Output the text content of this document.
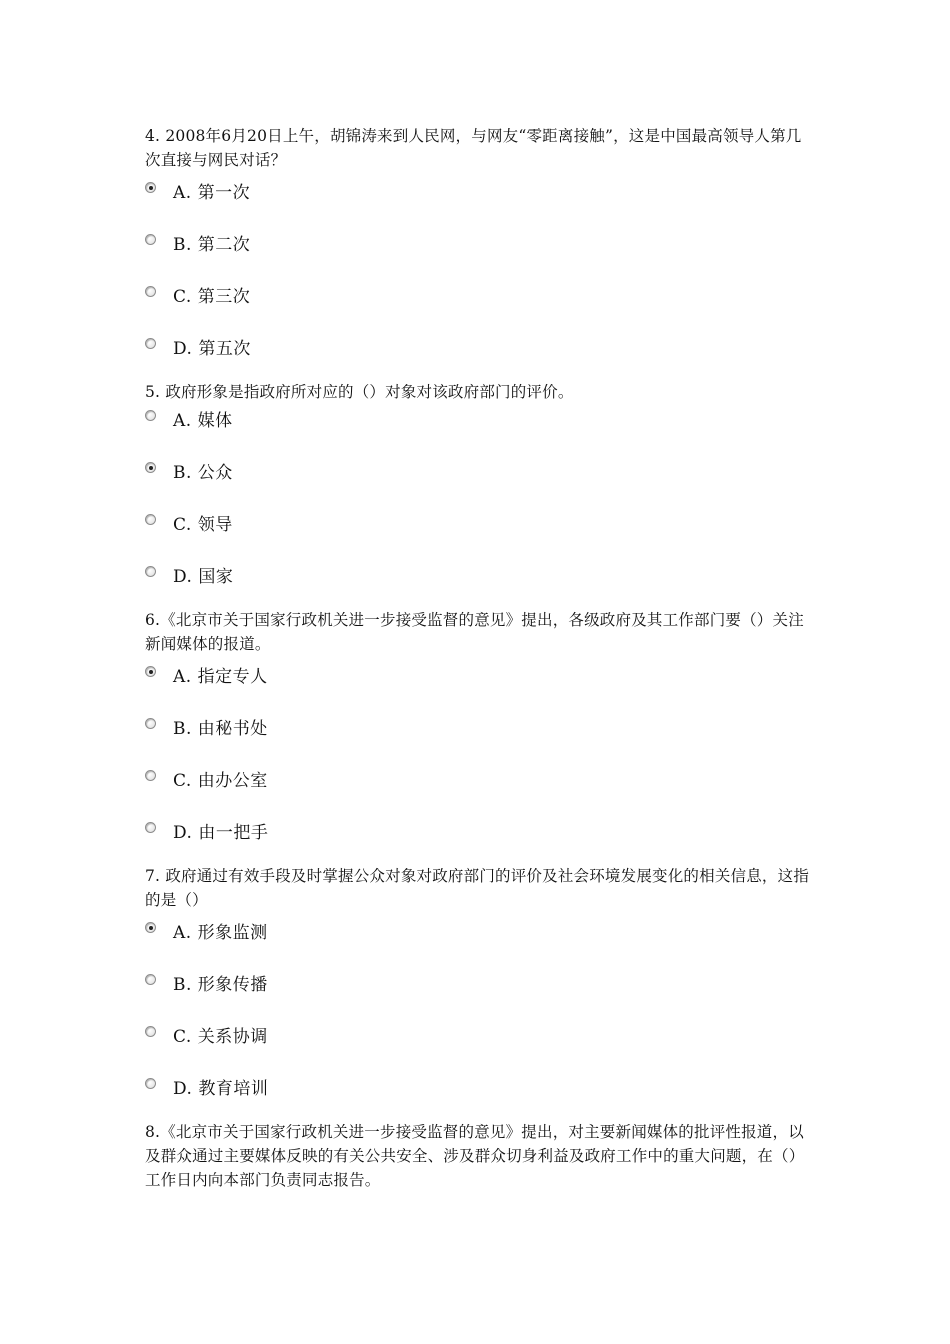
4. 2008年6月20日上午，胡锦涛来到人民网，与网友“零距离接触”，这是中国最高领导人第几次直接与网民对话？

A. 第一次
B. 第二次
C. 第三次
D. 第五次

5. 政府形象是指政府所对应的（）对象对该政府部门的评价。

A. 媒体
B. 公众
C. 领导
D. 国家

6.《北京市关于国家行政机关进一步接受监督的意见》提出，各级政府及其工作部门要（）关注新闻媒体的报道。

A. 指定专人
B. 由秘书处
C. 由办公室
D. 由一把手

7. 政府通过有效手段及时掌握公众对象对政府部门的评价及社会环境发展变化的相关信息，这指的是（）

A. 形象监测
B. 形象传播
C. 关系协调
D. 教育培训

8.《北京市关于国家行政机关进一步接受监督的意见》提出，对主要新闻媒体的批评性报道，以及群众通过主要媒体反映的有关公共安全、涉及群众切身利益及政府工作中的重大问题，在（）工作日内向本部门负责同志报告。
